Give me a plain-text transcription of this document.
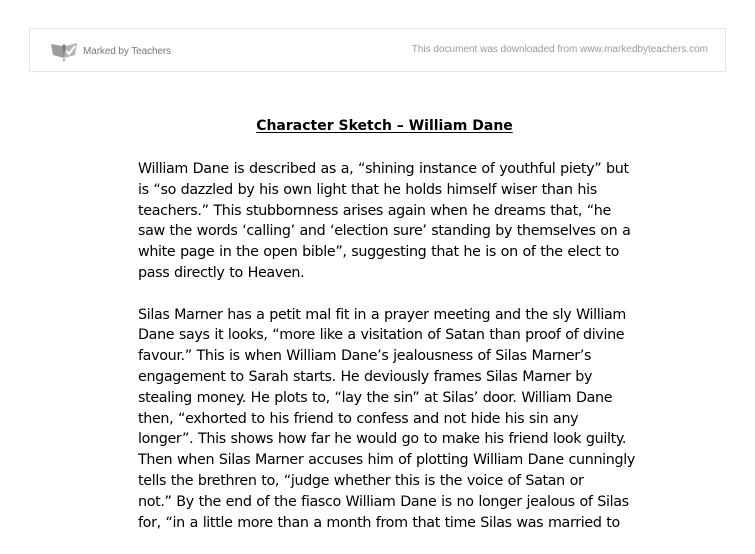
Marked by Teachers	This document was downloaded from www.markedbyteachers.com
Character Sketch – William Dane
William Dane is described as a, “shining instance of youthful piety” but
is “so dazzled by his own light that he holds himself wiser than his
teachers.” This stubbornness arises again when he dreams that, “he
saw the words ‘calling’ and ‘election sure’ standing by themselves on a
white page in the open bible”, suggesting that he is on of the elect to
pass directly to Heaven.
Silas Marner has a petit mal fit in a prayer meeting and the sly William
Dane says it looks, “more like a visitation of Satan than proof of divine
favour.” This is when William Dane’s jealousness of Silas Marner’s
engagement to Sarah starts. He deviously frames Silas Marner by
stealing money. He plots to, “lay the sin” at Silas’ door. William Dane
then, “exhorted to his friend to confess and not hide his sin any
longer”. This shows how far he would go to make his friend look guilty.
Then when Silas Marner accuses him of plotting William Dane cunningly
tells the brethren to, “judge whether this is the voice of Satan or
not.” By the end of the fiasco William Dane is no longer jealous of Silas
for, “in a little more than a month from that time Silas was married to
